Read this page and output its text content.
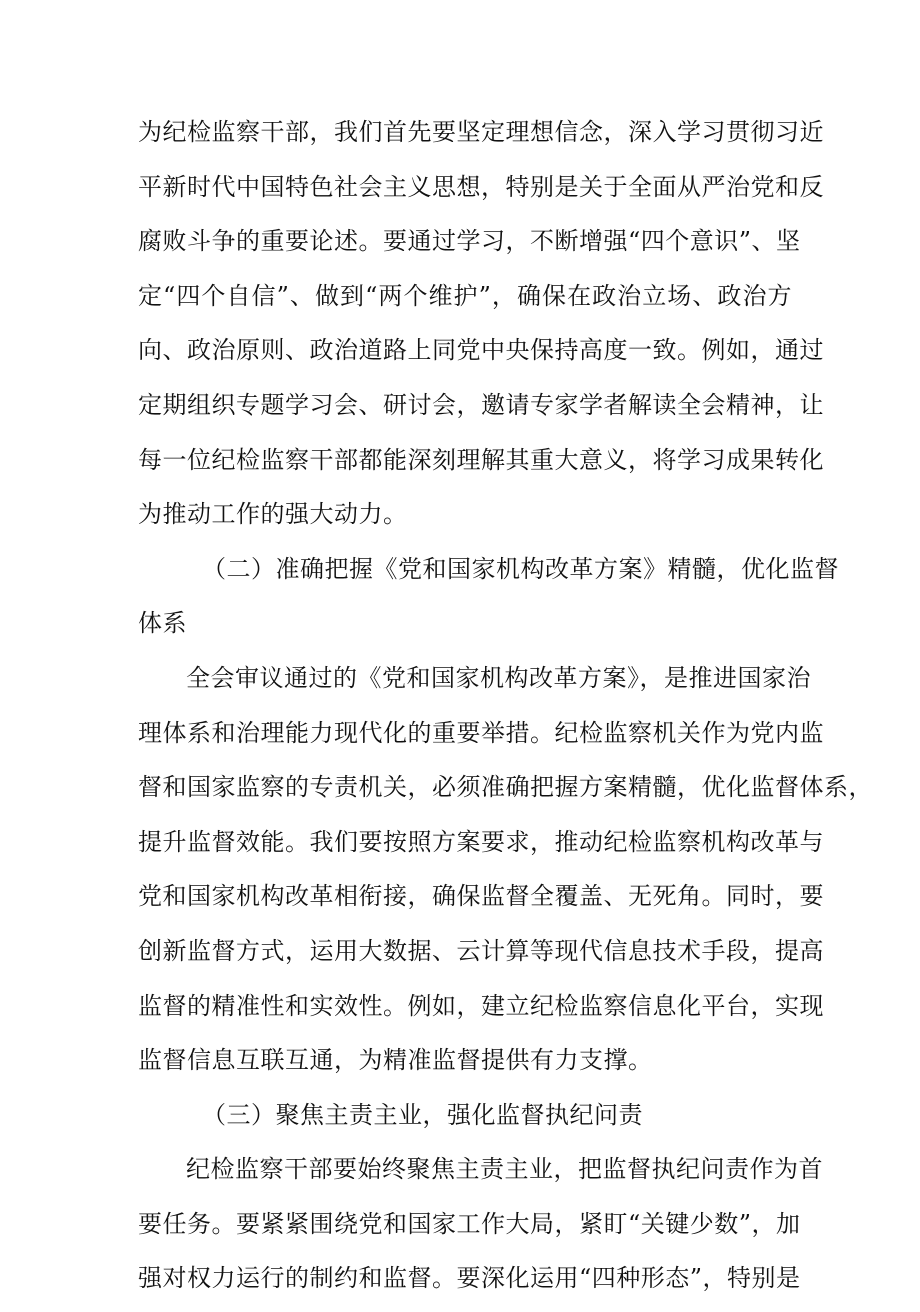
为纪检监察干部，我们首先要坚定理想信念，深入学习贯彻习近
平新时代中国特色社会主义思想，特别是关于全面从严治党和反
腐败斗争的重要论述。要通过学习，不断增强“四个意识”、坚
定“四个自信”、做到“两个维护”，确保在政治立场、政治方
向、政治原则、政治道路上同党中央保持高度一致。例如，通过
定期组织专题学习会、研讨会，邀请专家学者解读全会精神，让
每一位纪检监察干部都能深刻理解其重大意义，将学习成果转化
为推动工作的强大动力。
（二）准确把握《党和国家机构改革方案》精髓，优化监督
体系
全会审议通过的《党和国家机构改革方案》，是推进国家治
理体系和治理能力现代化的重要举措。纪检监察机关作为党内监
督和国家监察的专责机关，必须准确把握方案精髓，优化监督体系，
提升监督效能。我们要按照方案要求，推动纪检监察机构改革与
党和国家机构改革相衔接，确保监督全覆盖、无死角。同时，要
创新监督方式，运用大数据、云计算等现代信息技术手段，提高
监督的精准性和实效性。例如，建立纪检监察信息化平台，实现
监督信息互联互通，为精准监督提供有力支撑。
（三）聚焦主责主业，强化监督执纪问责
纪检监察干部要始终聚焦主责主业，把监督执纪问责作为首
要任务。要紧紧围绕党和国家工作大局，紧盯“关键少数”，加
强对权力运行的制约和监督。要深化运用“四种形态”，特别是
